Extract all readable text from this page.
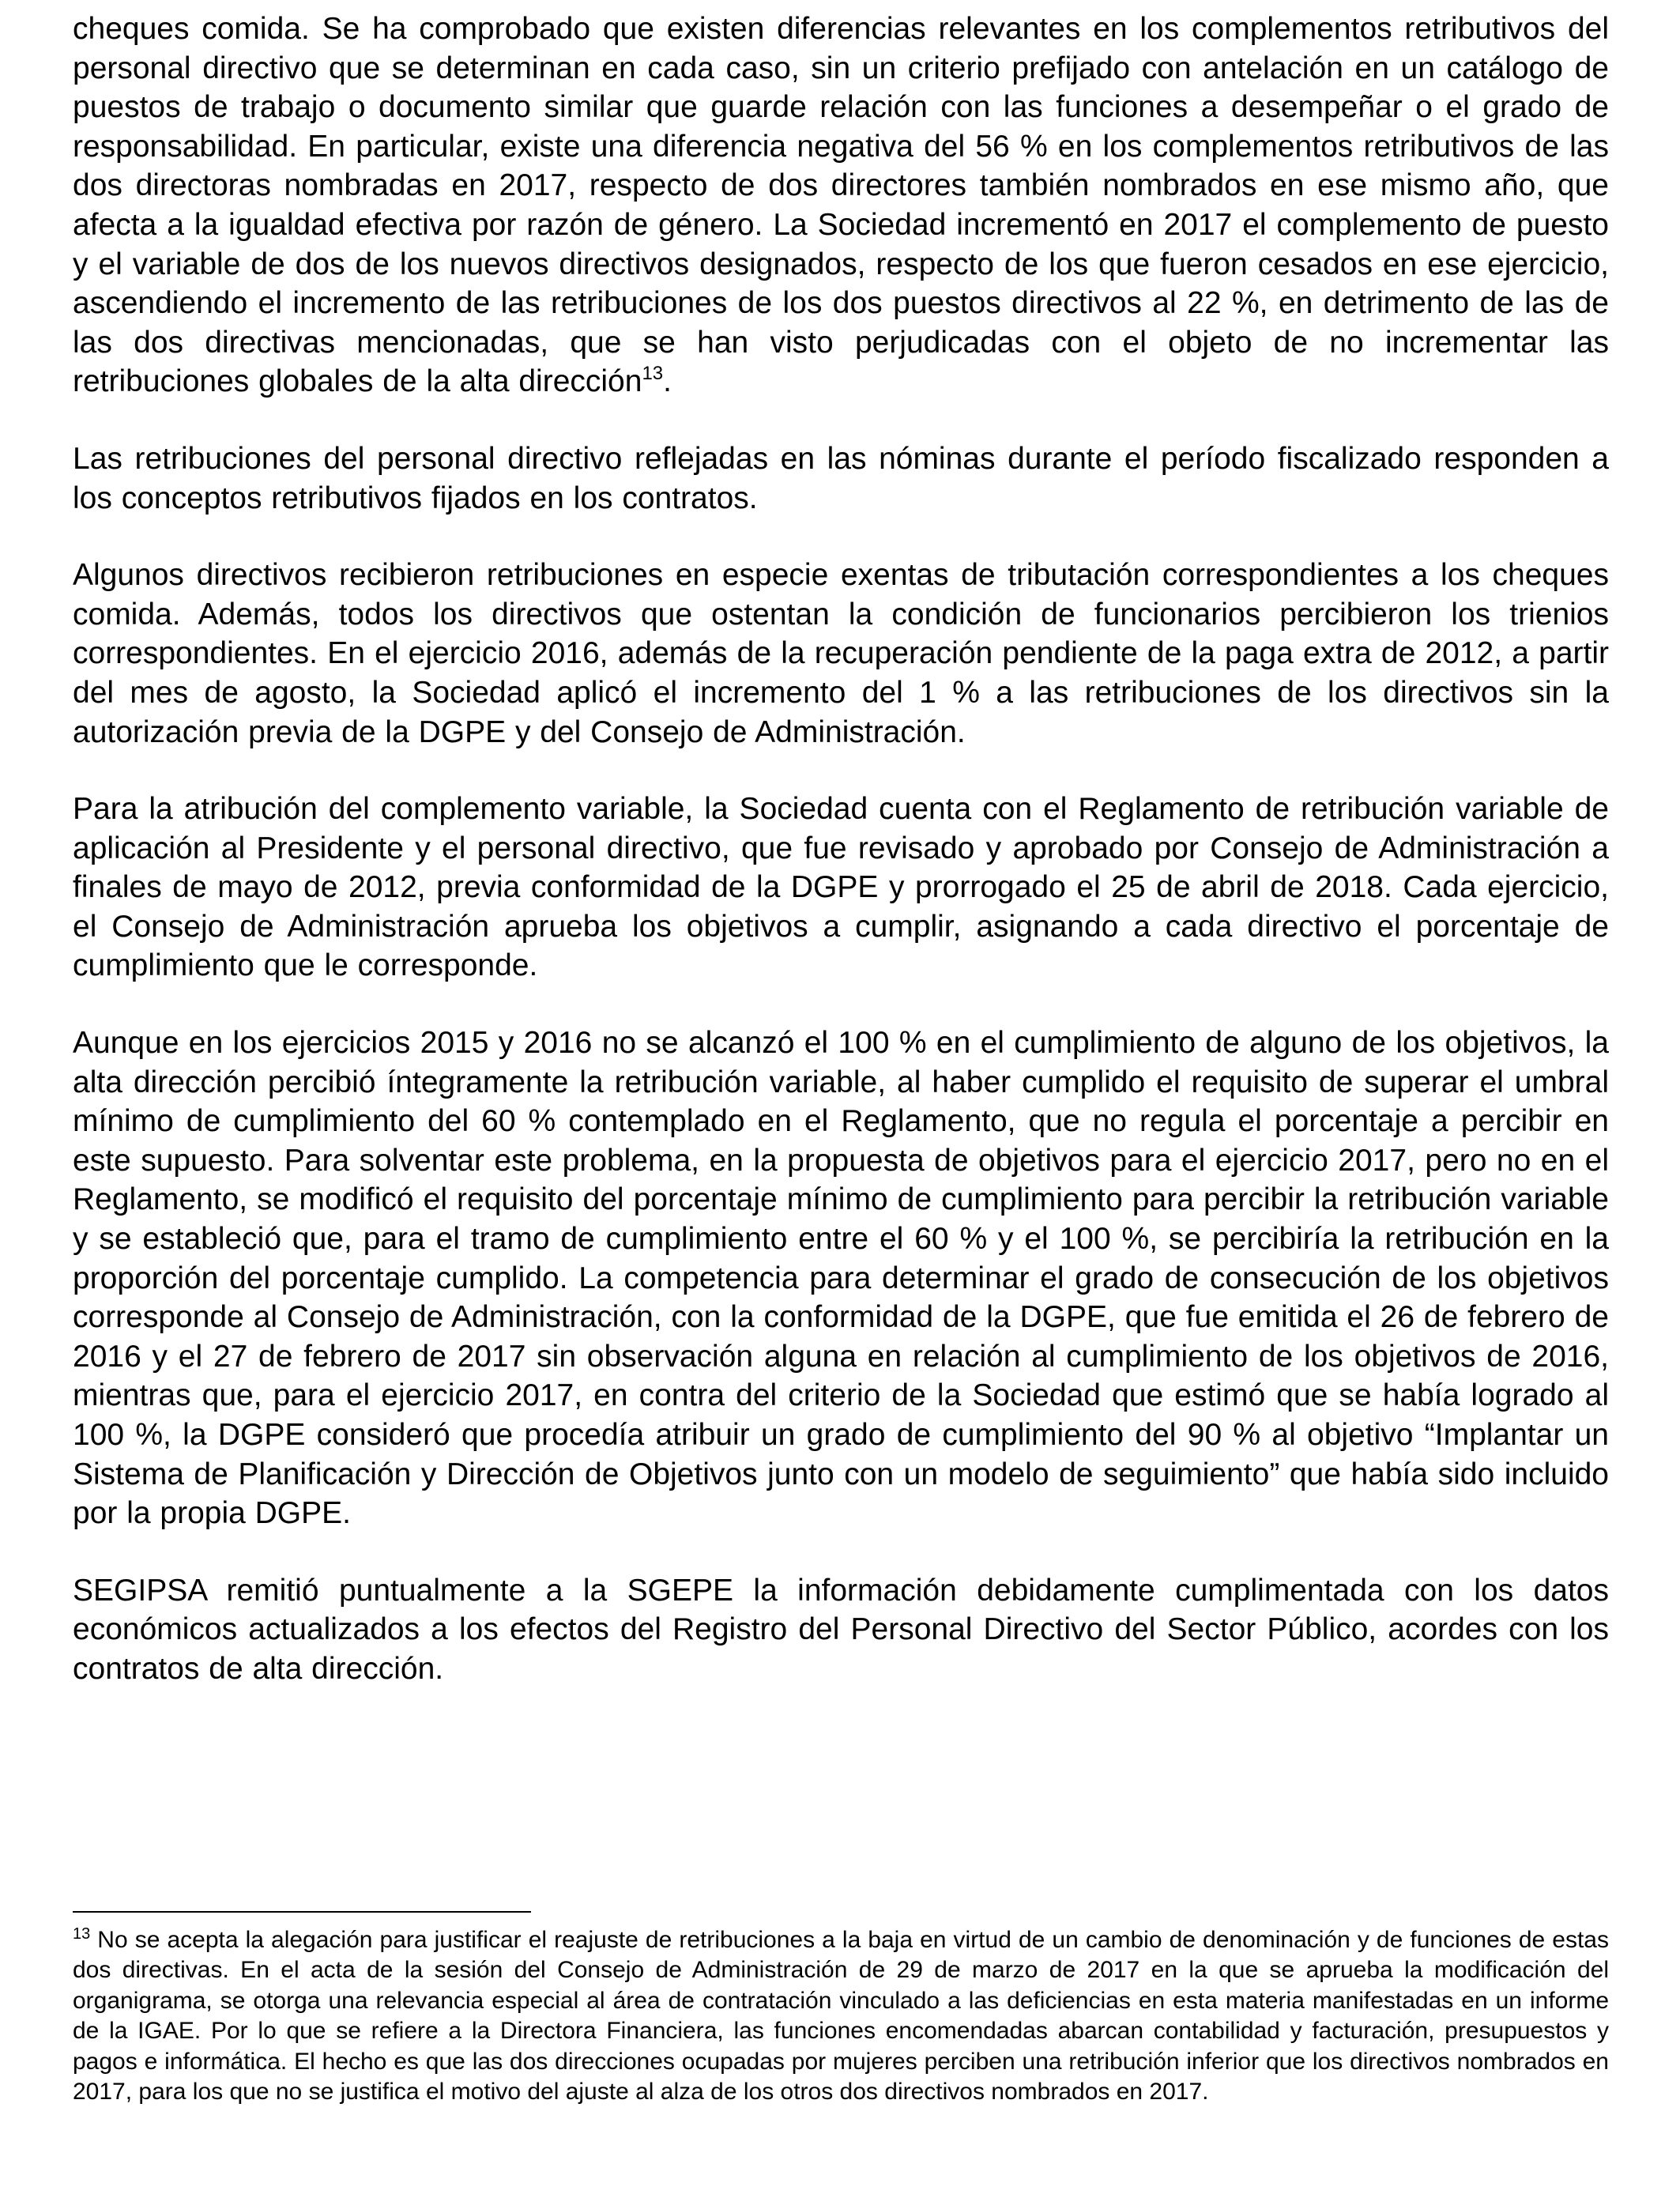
cheques comida. Se ha comprobado que existen diferencias relevantes en los complementos retributivos del personal directivo que se determinan en cada caso, sin un criterio prefijado con antelación en un catálogo de puestos de trabajo o documento similar que guarde relación con las funciones a desempeñar o el grado de responsabilidad. En particular, existe una diferencia negativa del 56 % en los complementos retributivos de las dos directoras nombradas en 2017, respecto de dos directores también nombrados en ese mismo año, que afecta a la igualdad efectiva por razón de género. La Sociedad incrementó en 2017 el complemento de puesto y el variable de dos de los nuevos directivos designados, respecto de los que fueron cesados en ese ejercicio, ascendiendo el incremento de las retribuciones de los dos puestos directivos al 22 %, en detrimento de las de las dos directivas mencionadas, que se han visto perjudicadas con el objeto de no incrementar las retribuciones globales de la alta dirección$^{13}$.

Las retribuciones del personal directivo reflejadas en las nóminas durante el período fiscalizado responden a los conceptos retributivos fijados en los contratos.

Algunos directivos recibieron retribuciones en especie exentas de tributación correspondientes a los cheques comida. Además, todos los directivos que ostentan la condición de funcionarios percibieron los trienios correspondientes. En el ejercicio 2016, además de la recuperación pendiente de la paga extra de 2012, a partir del mes de agosto, la Sociedad aplicó el incremento del 1 % a las retribuciones de los directivos sin la autorización previa de la DGPE y del Consejo de Administración.

Para la atribución del complemento variable, la Sociedad cuenta con el Reglamento de retribución variable de aplicación al Presidente y el personal directivo, que fue revisado y aprobado por Consejo de Administración a finales de mayo de 2012, previa conformidad de la DGPE y prorrogado el 25 de abril de 2018. Cada ejercicio, el Consejo de Administración aprueba los objetivos a cumplir, asignando a cada directivo el porcentaje de cumplimiento que le corresponde.

Aunque en los ejercicios 2015 y 2016 no se alcanzó el 100 % en el cumplimiento de alguno de los objetivos, la alta dirección percibió íntegramente la retribución variable, al haber cumplido el requisito de superar el umbral mínimo de cumplimiento del 60 % contemplado en el Reglamento, que no regula el porcentaje a percibir en este supuesto. Para solventar este problema, en la propuesta de objetivos para el ejercicio 2017, pero no en el Reglamento, se modificó el requisito del porcentaje mínimo de cumplimiento para percibir la retribución variable y se estableció que, para el tramo de cumplimiento entre el 60 % y el 100 %, se percibiría la retribución en la proporción del porcentaje cumplido. La competencia para determinar el grado de consecución de los objetivos corresponde al Consejo de Administración, con la conformidad de la DGPE, que fue emitida el 26 de febrero de 2016 y el 27 de febrero de 2017 sin observación alguna en relación al cumplimiento de los objetivos de 2016, mientras que, para el ejercicio 2017, en contra del criterio de la Sociedad que estimó que se había logrado al 100 %, la DGPE consideró que procedía atribuir un grado de cumplimiento del 90 % al objetivo “Implantar un Sistema de Planificación y Dirección de Objetivos junto con un modelo de seguimiento” que había sido incluido por la propia DGPE.

SEGIPSA remitió puntualmente a la SGEPE la información debidamente cumplimentada con los datos económicos actualizados a los efectos del Registro del Personal Directivo del Sector Público, acordes con los contratos de alta dirección.

$^{13}$ No se acepta la alegación para justificar el reajuste de retribuciones a la baja en virtud de un cambio de denominación y de funciones de estas dos directivas. En el acta de la sesión del Consejo de Administración de 29 de marzo de 2017 en la que se aprueba la modificación del organigrama, se otorga una relevancia especial al área de contratación vinculado a las deficiencias en esta materia manifestadas en un informe de la IGAE. Por lo que se refiere a la Directora Financiera, las funciones encomendadas abarcan contabilidad y facturación, presupuestos y pagos e informática. El hecho es que las dos direcciones ocupadas por mujeres perciben una retribución inferior que los directivos nombrados en 2017, para los que no se justifica el motivo del ajuste al alza de los otros dos directivos nombrados en 2017.
